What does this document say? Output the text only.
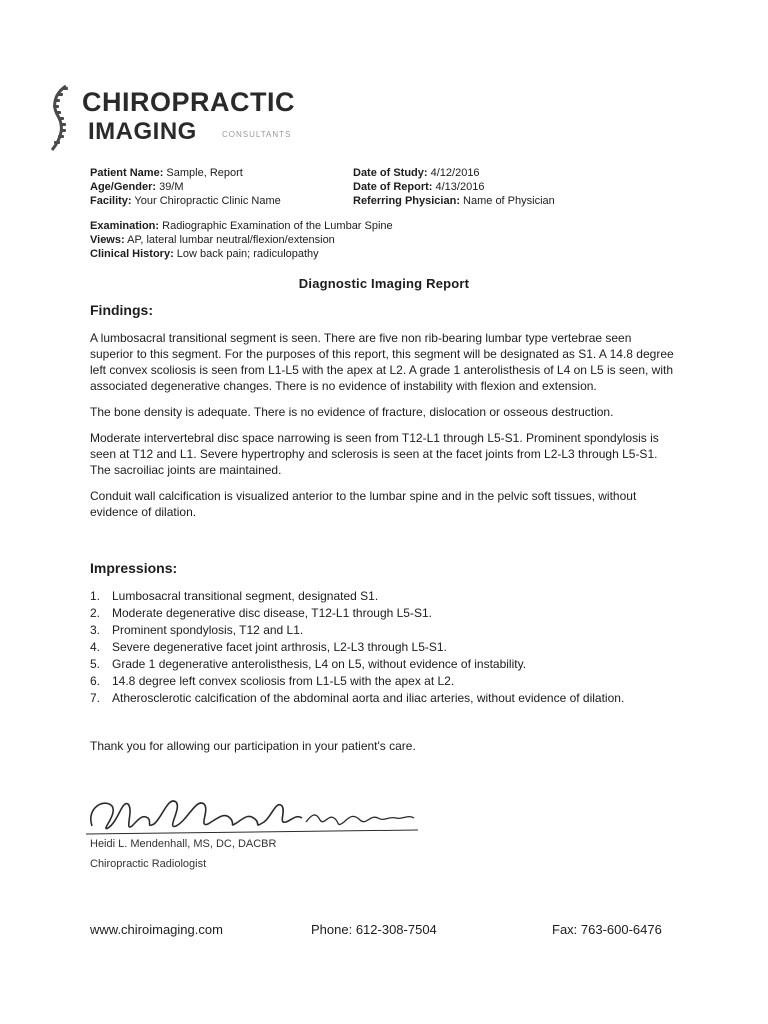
CHIROPRACTIC
IMAGING	CONSULTANTS
Patient Name: Sample, Report
Age/Gender: 39/M
Facility: Your Chiropractic Clinic Name
Date of Study: 4/12/2016
Date of Report: 4/13/2016
Referring Physician: Name of Physician
Examination: Radiographic Examination of the Lumbar Spine
Views: AP, lateral lumbar neutral/flexion/extension
Clinical History: Low back pain; radiculopathy
Diagnostic Imaging Report
Findings:

A lumbosacral transitional segment is seen. There are five non rib-bearing lumbar type vertebrae seen superior to this segment. For the purposes of this report, this segment will be designated as S1. A 14.8 degree left convex scoliosis is seen from L1-L5 with the apex at L2. A grade 1 anterolisthesis of L4 on L5 is seen, with associated degenerative changes. There is no evidence of instability with flexion and extension.

The bone density is adequate. There is no evidence of fracture, dislocation or osseous destruction.

Moderate intervertebral disc space narrowing is seen from T12-L1 through L5-S1. Prominent spondylosis is seen at T12 and L1. Severe hypertrophy and sclerosis is seen at the facet joints from L2-L3 through L5-S1. The sacroiliac joints are maintained.

Conduit wall calcification is visualized anterior to the lumbar spine and in the pelvic soft tissues, without evidence of dilation.

Impressions:
1. Lumbosacral transitional segment, designated S1.
2. Moderate degenerative disc disease, T12-L1 through L5-S1.
3. Prominent spondylosis, T12 and L1.
4. Severe degenerative facet joint arthrosis, L2-L3 through L5-S1.
5. Grade 1 degenerative anterolisthesis, L4 on L5, without evidence of instability.
6. 14.8 degree left convex scoliosis from L1-L5 with the apex at L2.
7. Atherosclerotic calcification of the abdominal aorta and iliac arteries, without evidence of dilation.
Thank you for allowing our participation in your patient's care.
Heidi L. Mendenhall, MS, DC, DACBR
Chiropractic Radiologist
www.chiroimaging.com	Phone: 612-308-7504	Fax: 763-600-6476
